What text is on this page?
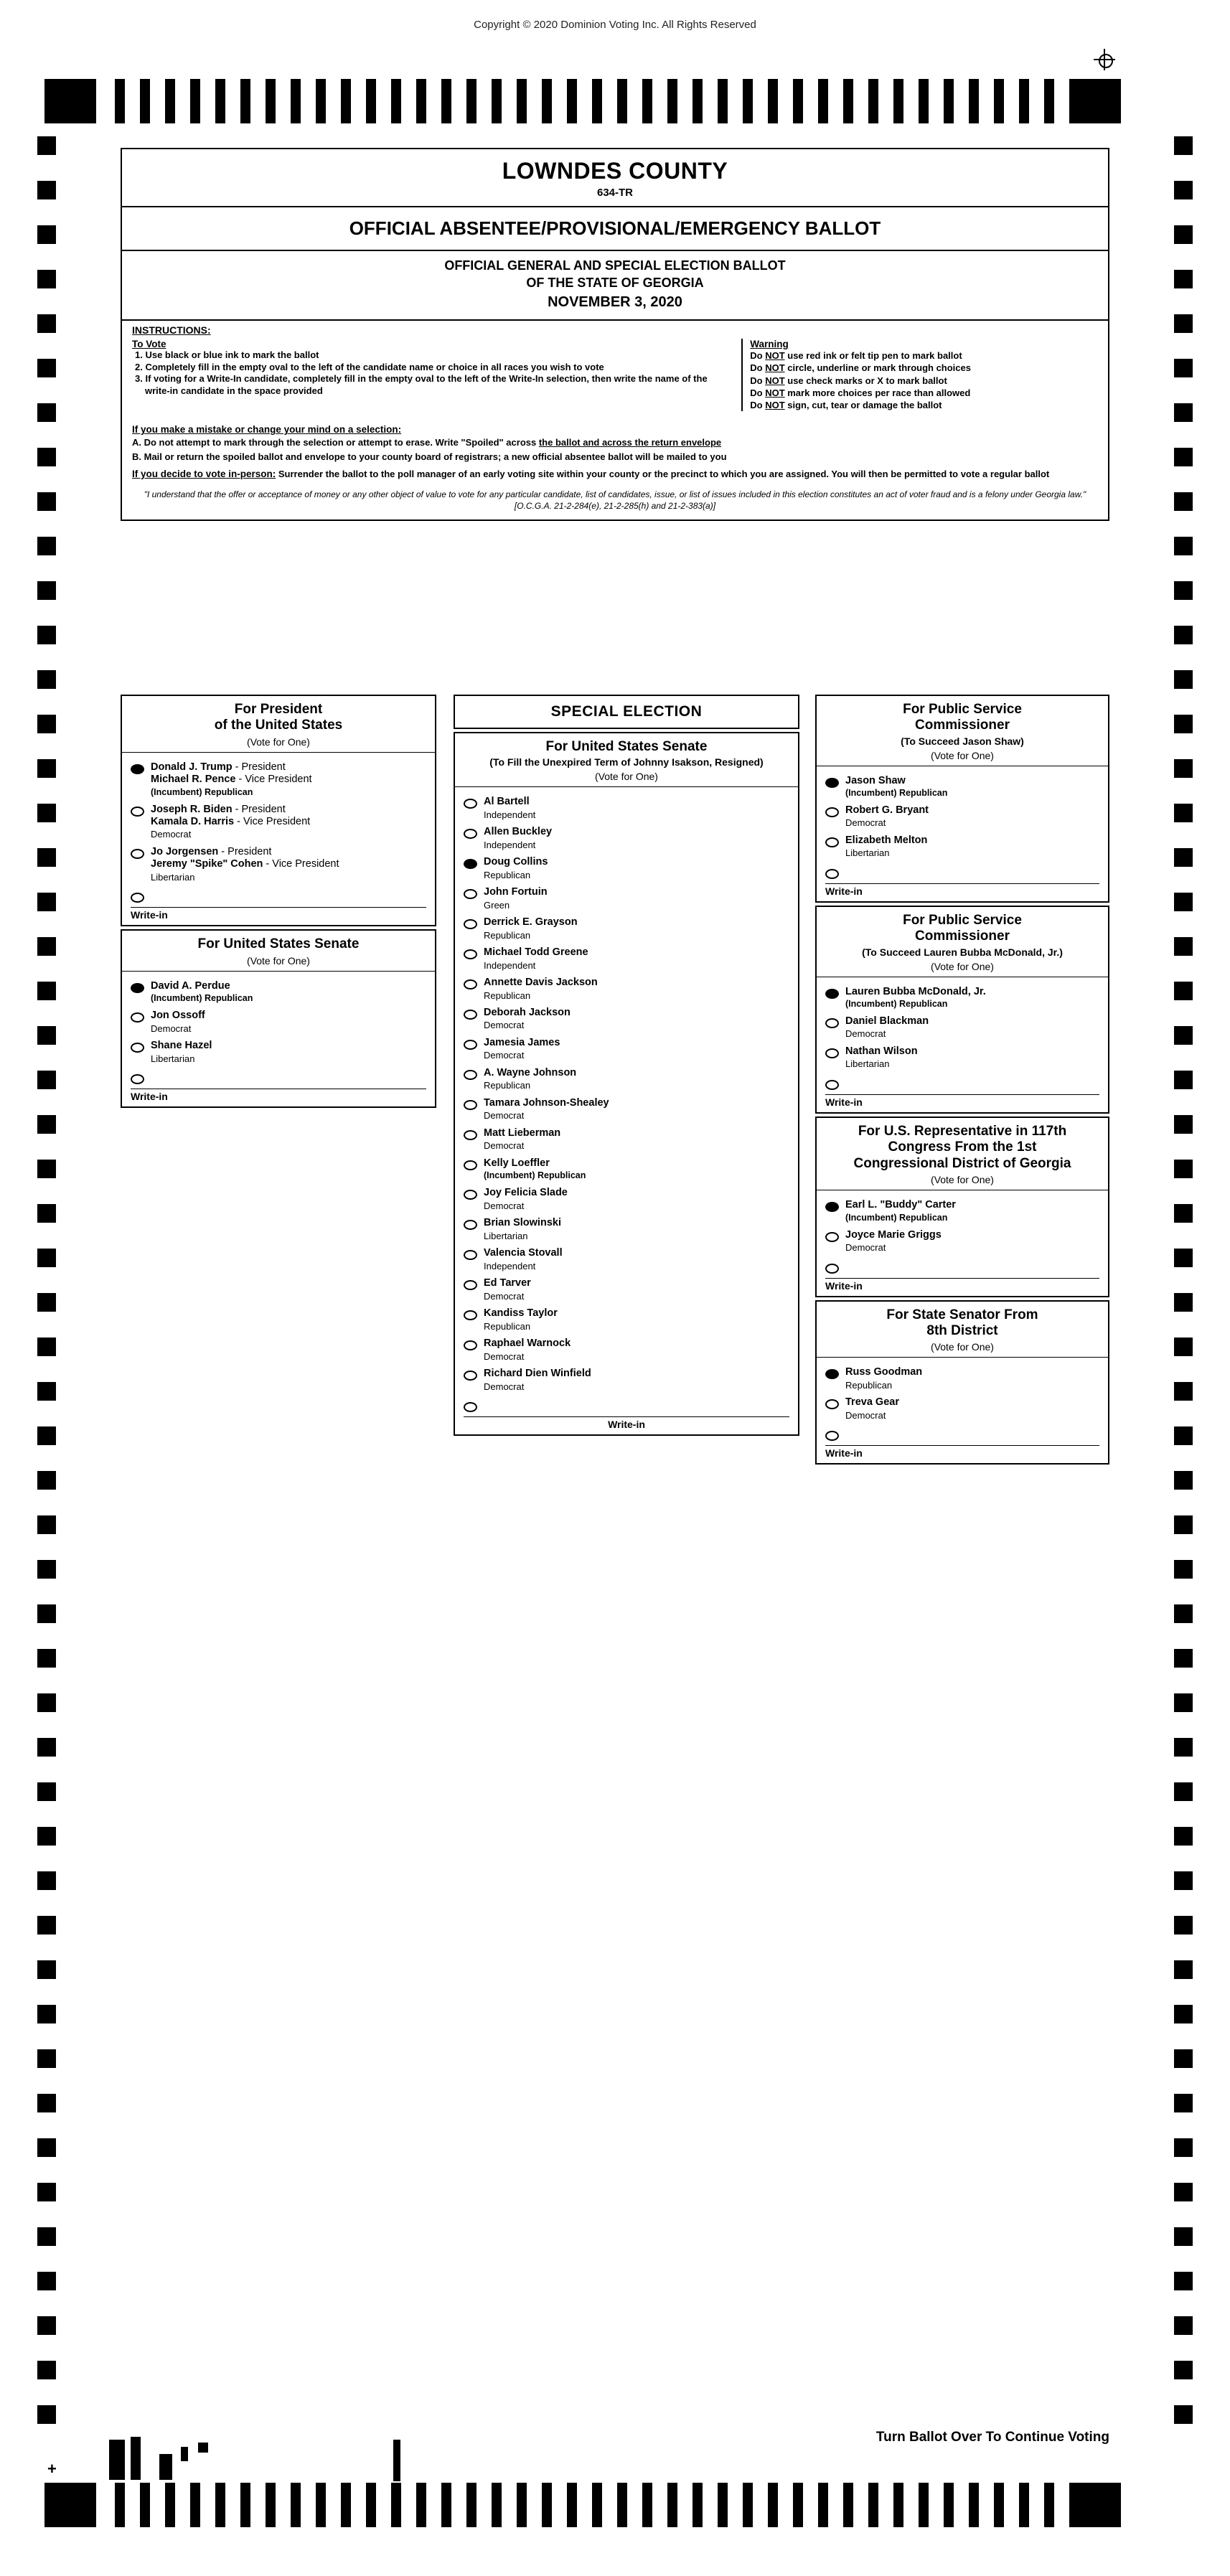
Copyright © 2020 Dominion Voting Inc. All Rights Reserved
+
LOWNDES COUNTY
634-TR
OFFICIAL ABSENTEE/PROVISIONAL/EMERGENCY BALLOT
OFFICIAL GENERAL AND SPECIAL ELECTION BALLOT
OF THE STATE OF GEORGIA
NOVEMBER 3, 2020
INSTRUCTIONS:
To Vote
1. Use black or blue ink to mark the ballot
2. Completely fill in the empty oval to the left of the candidate name or choice in all races you wish to vote
3. If voting for a Write-In candidate, completely fill in the empty oval to the left of the Write-In selection, then write the name of the write-in candidate in the space provided
Warning
Do NOT use red ink or felt tip pen to mark ballot
Do NOT circle, underline or mark through choices
Do NOT use check marks or X to mark ballot
Do NOT mark more choices per race than allowed
Do NOT sign, cut, tear or damage the ballot
If you make a mistake or change your mind on a selection:
A. Do not attempt to mark through the selection or attempt to erase. Write "Spoiled" across the ballot and across the return envelope
B. Mail or return the spoiled ballot and envelope to your county board of registrars; a new official absentee ballot will be mailed to you
If you decide to vote in-person: Surrender the ballot to the poll manager of an early voting site within your county or the precinct to which you are assigned. You will then be permitted to vote a regular ballot
"I understand that the offer or acceptance of money or any other object of value to vote for any particular candidate, list of candidates, issue, or list of issues included in this election constitutes an act of voter fraud and is a felony under Georgia law." [O.C.G.A. 21-2-284(e), 21-2-285(h) and 21-2-383(a)]
For President
of the United States
(Vote for One)
Donald J. Trump - President
Michael R. Pence - Vice President
(Incumbent) Republican
Joseph R. Biden - President
Kamala D. Harris - Vice President
Democrat
Jo Jorgensen - President
Jeremy "Spike" Cohen - Vice President
Libertarian
Write-in
For United States Senate
(Vote for One)
David A. Perdue
(Incumbent) Republican
Jon Ossoff
Democrat
Shane Hazel
Libertarian
Write-in
SPECIAL ELECTION
For United States Senate
(To Fill the Unexpired Term of Johnny Isakson, Resigned)
(Vote for One)
Al Bartell
Independent
Allen Buckley
Independent
Doug Collins
Republican
John Fortuin
Green
Derrick E. Grayson
Republican
Michael Todd Greene
Independent
Annette Davis Jackson
Republican
Deborah Jackson
Democrat
Jamesia James
Democrat
A. Wayne Johnson
Republican
Tamara Johnson-Shealey
Democrat
Matt Lieberman
Democrat
Kelly Loeffler
(Incumbent) Republican
Joy Felicia Slade
Democrat
Brian Slowinski
Libertarian
Valencia Stovall
Independent
Ed Tarver
Democrat
Kandiss Taylor
Republican
Raphael Warnock
Democrat
Richard Dien Winfield
Democrat
Write-in
For Public Service
Commissioner
(To Succeed Jason Shaw)
(Vote for One)
Jason Shaw
(Incumbent) Republican
Robert G. Bryant
Democrat
Elizabeth Melton
Libertarian
Write-in
For Public Service
Commissioner
(To Succeed Lauren Bubba McDonald, Jr.)
(Vote for One)
Lauren Bubba McDonald, Jr.
(Incumbent) Republican
Daniel Blackman
Democrat
Nathan Wilson
Libertarian
Write-in
For U.S. Representative in 117th
Congress From the 1st
Congressional District of Georgia
(Vote for One)
Earl L. "Buddy" Carter
(Incumbent) Republican
Joyce Marie Griggs
Democrat
Write-in
For State Senator From
8th District
(Vote for One)
Russ Goodman
Republican
Treva Gear
Democrat
Write-in
Turn Ballot Over To Continue Voting
